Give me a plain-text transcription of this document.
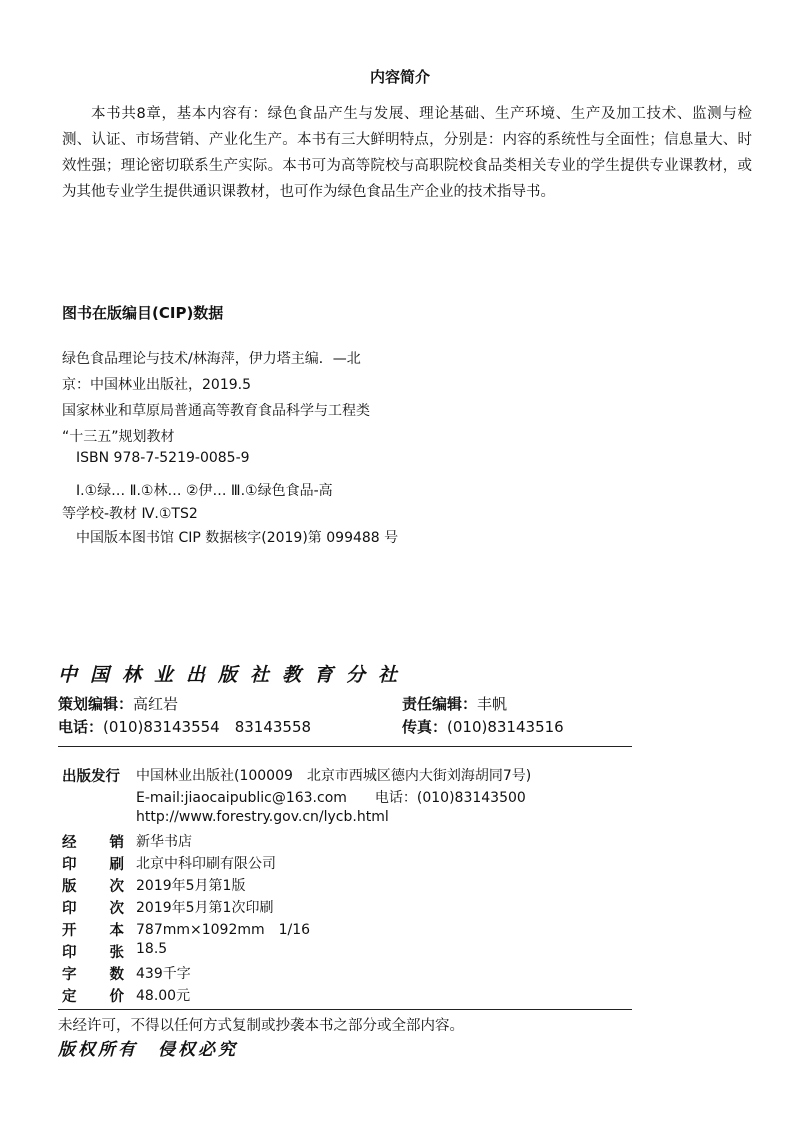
内容简介
本书共8章，基本内容有：绿色食品产生与发展、理论基础、生产环境、生产及加工技术、监测与检测、认证、市场营销、产业化生产。本书有三大鲜明特点，分别是：内容的系统性与全面性；信息量大、时效性强；理论密切联系生产实际。本书可为高等院校与高职院校食品类相关专业的学生提供专业课教材，或为其他专业学生提供通识课教材，也可作为绿色食品生产企业的技术指导书。
图书在版编目(CIP)数据
绿色食品理论与技术/林海萍，伊力塔主编．—北
京：中国林业出版社，2019.5
国家林业和草原局普通高等教育食品科学与工程类
“十三五”规划教材
ISBN 978-7-5219-0085-9
Ⅰ.①绿… Ⅱ.①林… ②伊… Ⅲ.①绿色食品-高
等学校-教材 Ⅳ.①TS2
中国版本图书馆 CIP 数据核字(2019)第 099488 号
中国林业出版社教育分社
策划编辑：高红岩	责任编辑：丰帆
电话：(010)83143554　83143558	传真：(010)83143516
出版发行 中国林业出版社(100009　北京市西城区德内大街刘海胡同7号)
E-mail:jiaocaipublic@163.com　　电话：(010)83143500
http://www.forestry.gov.cn/lycb.html
经 销 新华书店
印 刷 北京中科印刷有限公司
版 次 2019年5月第1版
印 次 2019年5月第1次印刷
开 本 787mm×1092mm　1/16
印 张 18.5
字 数 439千字
定 价 48.00元
未经许可，不得以任何方式复制或抄袭本书之部分或全部内容。
版权所有　侵权必究
